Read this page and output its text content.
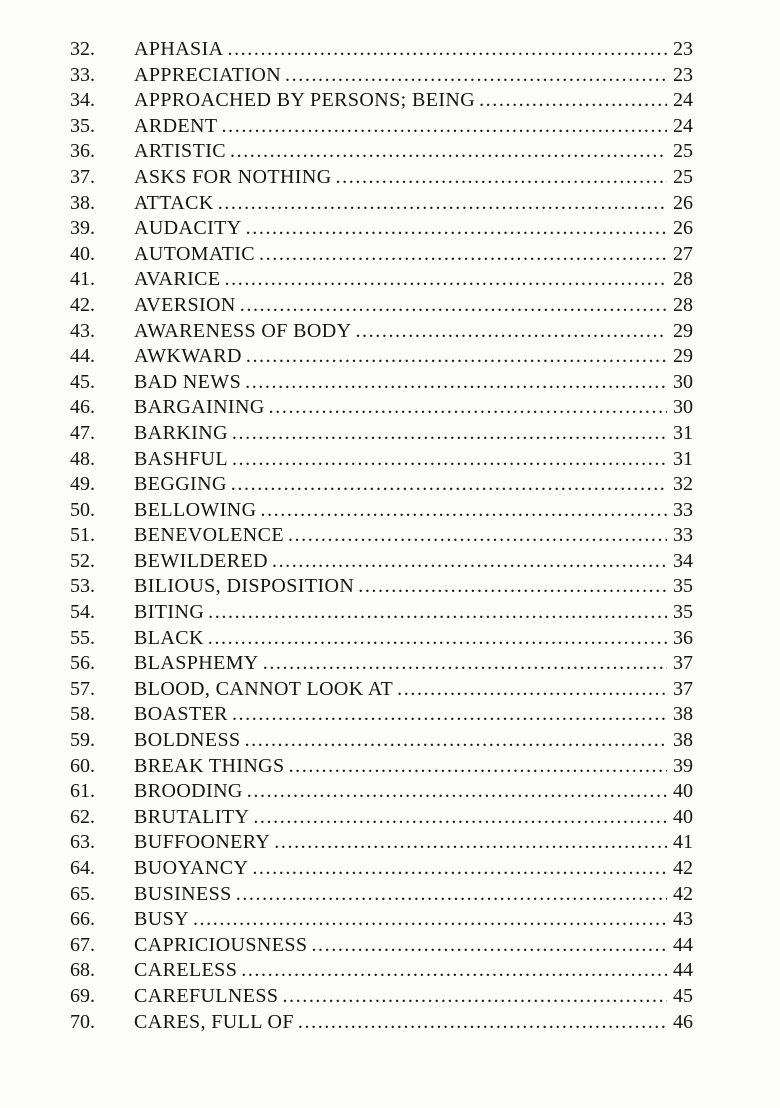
32.	APHASIA .....	23
33.	APPRECIATION .....	23
34.	APPROACHED BY PERSONS; BEING .....	24
35.	ARDENT .....	24
36.	ARTISTIC .....	25
37.	ASKS FOR NOTHING .....	25
38.	ATTACK .....	26
39.	AUDACITY .....	26
40.	AUTOMATIC .....	27
41.	AVARICE .....	28
42.	AVERSION .....	28
43.	AWARENESS OF BODY .....	29
44.	AWKWARD .....	29
45.	BAD NEWS .....	30
46.	BARGAINING .....	30
47.	BARKING .....	31
48.	BASHFUL .....	31
49.	BEGGING .....	32
50.	BELLOWING .....	33
51.	BENEVOLENCE .....	33
52.	BEWILDERED .....	34
53.	BILIOUS, DISPOSITION .....	35
54.	BITING .....	35
55.	BLACK .....	36
56.	BLASPHEMY .....	37
57.	BLOOD, CANNOT LOOK AT .....	37
58.	BOASTER .....	38
59.	BOLDNESS .....	38
60.	BREAK THINGS .....	39
61.	BROODING .....	40
62.	BRUTALITY .....	40
63.	BUFFOONERY .....	41
64.	BUOYANCY .....	42
65.	BUSINESS .....	42
66.	BUSY .....	43
67.	CAPRICIOUSNESS .....	44
68.	CARELESS .....	44
69.	CAREFULNESS .....	45
70.	CARES, FULL OF .....	46
